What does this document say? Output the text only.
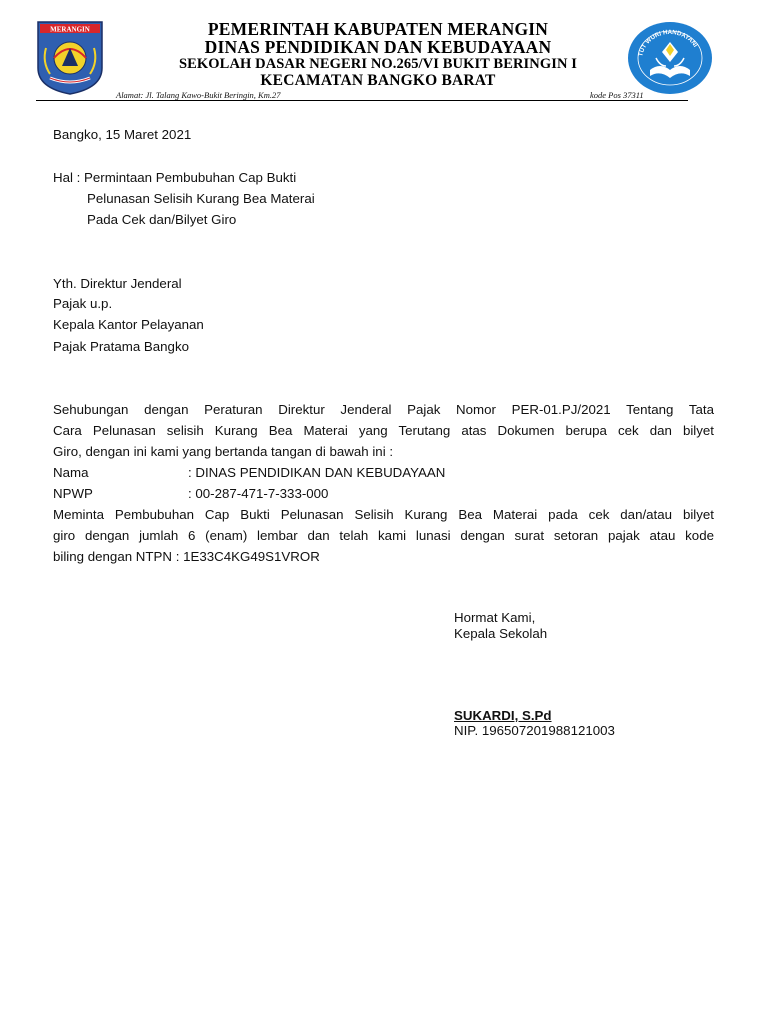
MERANGIN	PEMERINTAH KABUPATEN MERANGIN
DINAS PENDIDIKAN DAN KEBUDAYAAN
SEKOLAH DASAR NEGERI NO.265/VI BUKIT BERINGIN I
KECAMATAN BANGKO BARAT
TUT WURI HANDAYANI
Alamat: Jl. Talang Kawo-Bukit Beringin, Km.27	kode Pos 37311
Bangko, 15 Maret 2021
Hal : Permintaan Pembubuhan Cap Bukti
Pelunasan Selisih Kurang Bea Materai
Pada Cek dan/Bilyet Giro
Yth. Direktur Jenderal
Pajak u.p.
Kepala Kantor Pelayanan
Pajak Pratama Bangko
Sehubungan dengan Peraturan Direktur Jenderal Pajak Nomor PER-01.PJ/2021 Tentang Tata
Cara Pelunasan selisih Kurang Bea Materai yang Terutang atas Dokumen berupa cek dan bilyet
Giro, dengan ini kami yang bertanda tangan di bawah ini :
Nama	: DINAS PENDIDIKAN DAN KEBUDAYAAN
NPWP	: 00-287-471-7-333-000
Meminta Pembubuhan Cap Bukti Pelunasan Selisih Kurang Bea Materai pada cek dan/atau bilyet
giro dengan jumlah 6 (enam) lembar dan telah kami lunasi dengan surat setoran pajak atau kode
biling dengan NTPN : 1E33C4KG49S1VROR
Hormat Kami,
Kepala Sekolah
SUKARDI, S.Pd
NIP. 196507201988121003
